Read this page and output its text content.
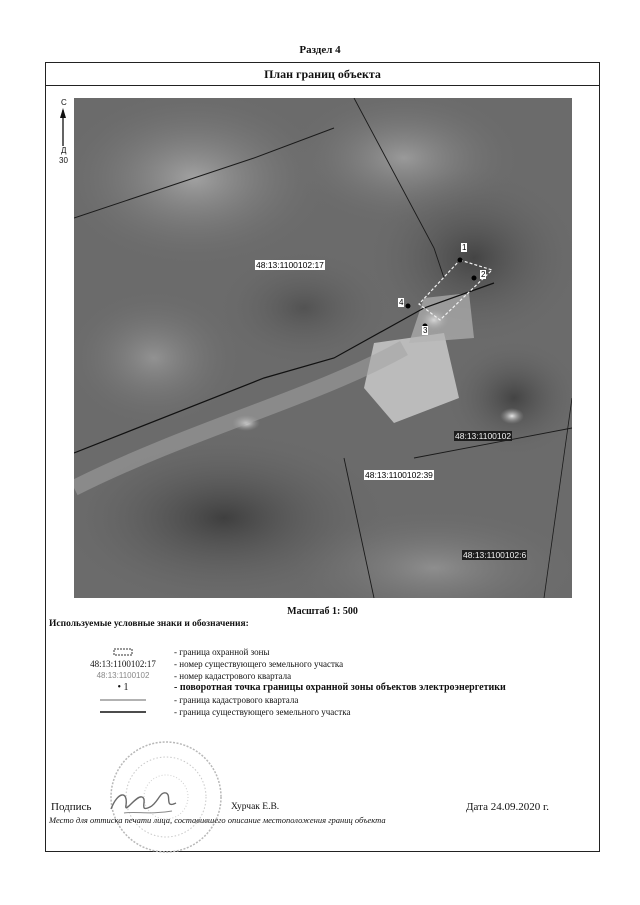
Раздел 4
План границ объекта
С
Д
30
48:13:1100102:17
48:13:1100102:39
48:13:1100102
48:13:1100102:6
1
2
3
4
Масштаб 1: 500
Используемые условные знаки и обозначения:
- граница охранной зоны
48:13:1100102:17	- номер существующего земельного участка
48:13:1100102	- номер кадастрового квартала
• 1	- поворотная точка границы охранной зоны объектов электроэнергетики
- граница кадастрового квартала
- граница существующего земельного участка
Подпись	Хурчак Е.В.	Дата 24.09.2020 г.
Место для оттиска печати лица, составившего описание местоположения границ объекта
